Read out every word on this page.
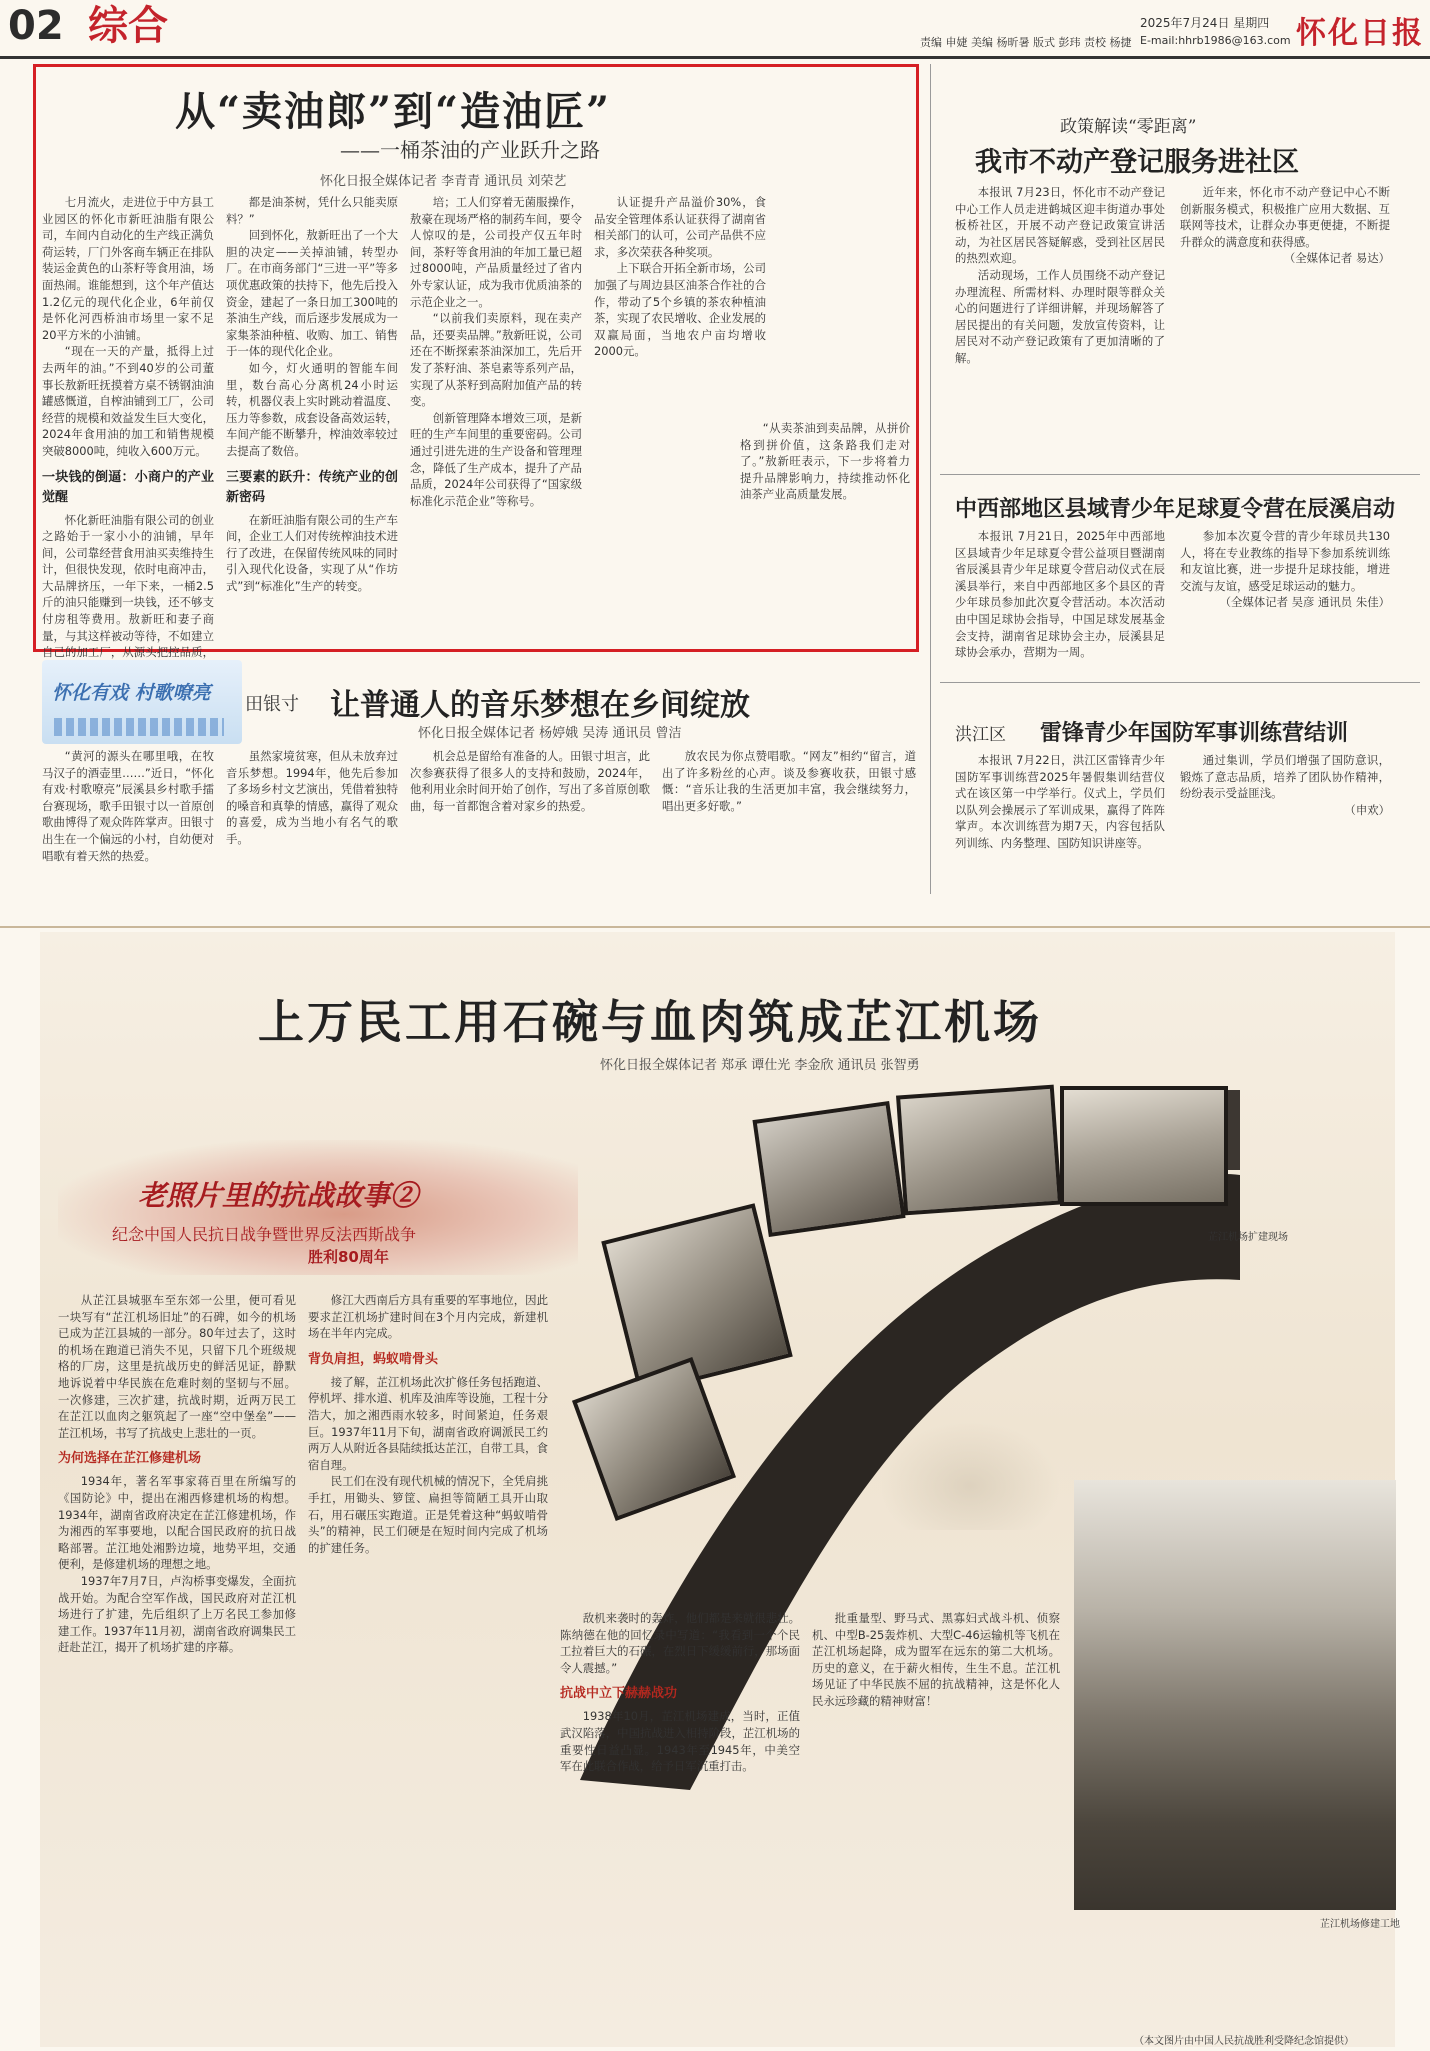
02 综合	责编 申婕 美编 杨昕暑 版式 彭玮 责校 杨捷
2025年7月24日 星期四
E-mail:hhrb1986@163.com 怀化日报
从“卖油郎”到“造油匠”
——一桶茶油的产业跃升之路
怀化日报全媒体记者 李青青 通讯员 刘荣艺

七月流火，走进位于中方县工业园区的怀化市新旺油脂有限公司，车间内自动化的生产线正满负荷运转，厂门外客商车辆正在排队装运金黄色的山茶籽等食用油，场面热闹。谁能想到，这个年产值达1.2亿元的现代化企业，6年前仅是怀化河西桥油市场里一家不足20平方米的小油铺。

“现在一天的产量，抵得上过去两年的油。”不到40岁的公司董事长敖新旺抚摸着方桌不锈钢油油罐感慨道，自榨油铺到工厂，公司经营的规模和效益发生巨大变化，2024年食用油的加工和销售规模突破8000吨，纯收入600万元。

一块钱的倒逼：小商户的产业觉醒

怀化新旺油脂有限公司的创业之路始于一家小小的油铺，早年间，公司靠经营食用油买卖维持生计，但很快发现，依时电商冲击，大品牌挤压，一年下来，一桶2.5斤的油只能赚到一块钱，还不够支付房租等费用。敖新旺和妻子商量，与其这样被动等待，不如建立自己的加工厂，从源头把控品质，

都是油茶树，凭什么只能卖原料？”

回到怀化，敖新旺出了一个大胆的决定——关掉油铺，转型办厂。在市商务部门“三进一平”等多项优惠政策的扶持下，他先后投入资金，建起了一条日加工300吨的茶油生产线，而后逐步发展成为一家集茶油种植、收购、加工、销售于一体的现代化企业。

如今，灯火通明的智能车间里，数台高心分离机24小时运转，机器仪表上实时跳动着温度、压力等参数，成套设备高效运转，车间产能不断攀升，榨油效率较过去提高了数倍。

三要素的跃升：传统产业的创新密码

在新旺油脂有限公司的生产车间，企业工人们对传统榨油技术进行了改进，在保留传统风味的同时引入现代化设备，实现了从“作坊式”到“标准化”生产的转变。

培；工人们穿着无菌服操作，敖豪在现场严格的制药车间，要令人惊叹的是，公司投产仅五年时间，茶籽等食用油的年加工量已超过8000吨，产品质量经过了省内外专家认证，成为我市优质油茶的示范企业之一。

“以前我们卖原料，现在卖产品，还要卖品牌。”敖新旺说，公司还在不断探索茶油深加工，先后开发了茶籽油、茶皂素等系列产品，实现了从茶籽到高附加值产品的转变。

创新管理降本增效三项，是新旺的生产车间里的重要密码。公司通过引进先进的生产设备和管理理念，降低了生产成本，提升了产品品质，2024年公司获得了“国家级标准化示范企业”等称号。

认证提升产品溢价30%，食品安全管理体系认证获得了湖南省相关部门的认可，公司产品供不应求，多次荣获各种奖项。

上下联合开拓全新市场，公司加强了与周边县区油茶合作社的合作，带动了5个乡镇的茶农种植油茶，实现了农民增收、企业发展的双赢局面，当地农户亩均增收2000元。

“从卖茶油到卖品牌，从拼价格到拼价值，这条路我们走对了。”敖新旺表示，下一步将着力提升品牌影响力，持续推动怀化油茶产业高质量发展。

政策解读“零距离”
我市不动产登记服务进社区

本报讯 7月23日，怀化市不动产登记中心工作人员走进鹤城区迎丰街道办事处板桥社区，开展不动产登记政策宣讲活动，为社区居民答疑解惑，受到社区居民的热烈欢迎。

活动现场，工作人员围绕不动产登记办理流程、所需材料、办理时限等群众关心的问题进行了详细讲解，并现场解答了居民提出的有关问题，发放宣传资料，让居民对不动产登记政策有了更加清晰的了解。

近年来，怀化市不动产登记中心不断创新服务模式，积极推广应用大数据、互联网等技术，让群众办事更便捷，不断提升群众的满意度和获得感。

（全媒体记者 易达）

中西部地区县域青少年足球夏令营在辰溪启动

本报讯 7月21日，2025年中西部地区县域青少年足球夏令营公益项目暨湖南省辰溪县青少年足球夏令营启动仪式在辰溪县举行，来自中西部地区多个县区的青少年球员参加此次夏令营活动。本次活动由中国足球协会指导，中国足球发展基金会支持，湖南省足球协会主办，辰溪县足球协会承办，营期为一周。

参加本次夏令营的青少年球员共130人，将在专业教练的指导下参加系统训练和友谊比赛，进一步提升足球技能，增进交流与友谊，感受足球运动的魅力。

（全媒体记者 吴彦 通讯员 朱佳）

洪江区 雷锋青少年国防军事训练营结训

本报讯 7月22日，洪江区雷锋青少年国防军事训练营2025年暑假集训结营仪式在该区第一中学举行。仪式上，学员们以队列会操展示了军训成果，赢得了阵阵掌声。本次训练营为期7天，内容包括队列训练、内务整理、国防知识讲座等。

通过集训，学员们增强了国防意识，锻炼了意志品质，培养了团队协作精神，纷纷表示受益匪浅。

（申欢）

怀化有戏 村歌嘹亮
田银寸 让普通人的音乐梦想在乡间绽放
怀化日报全媒体记者 杨婷娥 吴涛 通讯员 曾洁

“黄河的源头在哪里哦，在牧马汉子的酒壶里……”近日，“怀化有戏·村歌嘹亮”辰溪县乡村歌手擂台赛现场，歌手田银寸以一首原创歌曲博得了观众阵阵掌声。田银寸出生在一个偏远的小村，自幼便对唱歌有着天然的热爱。

虽然家境贫寒，但从未放弃过音乐梦想。1994年，他先后参加了多场乡村文艺演出，凭借着独特的嗓音和真挚的情感，赢得了观众的喜爱，成为当地小有名气的歌手。

机会总是留给有准备的人。田银寸坦言，此次参赛获得了很多人的支持和鼓励，2024年，他利用业余时间开始了创作，写出了多首原创歌曲，每一首都饱含着对家乡的热爱。

放农民为你点赞唱歌。“网友”相约“留言，道出了许多粉丝的心声。谈及参赛收获，田银寸感慨：“音乐让我的生活更加丰富，我会继续努力，唱出更多好歌。”

上万民工用石碗与血肉筑成芷江机场
怀化日报全媒体记者 郑承 谭仕光 李金欣 通讯员 张智勇
老照片里的抗战故事②
纪念中国人民抗日战争暨世界反法西斯战争
胜利80周年
芷江机场扩建现场
芷江机场修建工地

从芷江县城驱车至东郊一公里，便可看见一块写有“芷江机场旧址”的石碑，如今的机场已成为芷江县城的一部分。80年过去了，这时的机场在跑道已消失不见，只留下几个班级规格的厂房，这里是抗战历史的鲜活见证，静默地诉说着中华民族在危难时刻的坚韧与不屈。一次修建，三次扩建，抗战时期，近两万民工在芷江以血肉之躯筑起了一座“空中堡垒”——芷江机场，书写了抗战史上悲壮的一页。

为何选择在芷江修建机场

1934年，著名军事家蒋百里在所编写的《国防论》中，提出在湘西修建机场的构想。1934年，湖南省政府决定在芷江修建机场，作为湘西的军事要地，以配合国民政府的抗日战略部署。芷江地处湘黔边境，地势平坦，交通便利，是修建机场的理想之地。

1937年7月7日，卢沟桥事变爆发，全面抗战开始。为配合空军作战，国民政府对芷江机场进行了扩建，先后组织了上万名民工参加修建工作。1937年11月初，湖南省政府调集民工赶赴芷江，揭开了机场扩建的序幕。

修江大西南后方具有重要的军事地位，因此要求芷江机场扩建时间在3个月内完成，新建机场在半年内完成。

背负肩担，蚂蚁啃骨头

接了解，芷江机场此次扩修任务包括跑道、停机坪、排水道、机库及油库等设施，工程十分浩大，加之湘西雨水较多，时间紧迫，任务艰巨。1937年11月下旬，湖南省政府调派民工约两万人从附近各县陆续抵达芷江，自带工具，食宿自理。

民工们在没有现代机械的情况下，全凭肩挑手扛，用锄头、箩筐、扁担等简陋工具开山取石，用石碾压实跑道。正是凭着这种“蚂蚁啃骨头”的精神，民工们硬是在短时间内完成了机场的扩建任务。

敌机来袭时的轰炸，他们都是来就很悲壮。陈纳德在他的回忆录中写道：“我看到一个个民工拉着巨大的石碾，在烈日下缓缓前行，那场面令人震撼。”

抗战中立下赫赫战功

1938年10月，芷江机场建成，当时，正值武汉陷落，中国抗战进入相持阶段，芷江机场的重要性日益凸显。1943年至1945年，中美空军在此联合作战，给予日军沉重打击。

批重量型、野马式、黑寡妇式战斗机、侦察机、中型B-25轰炸机、大型C-46运输机等飞机在芷江机场起降，成为盟军在远东的第二大机场。历史的意义，在于薪火相传，生生不息。芷江机场见证了中华民族不屈的抗战精神，这是怀化人民永远珍藏的精神财富！

（本文图片由中国人民抗战胜利受降纪念馆提供）
